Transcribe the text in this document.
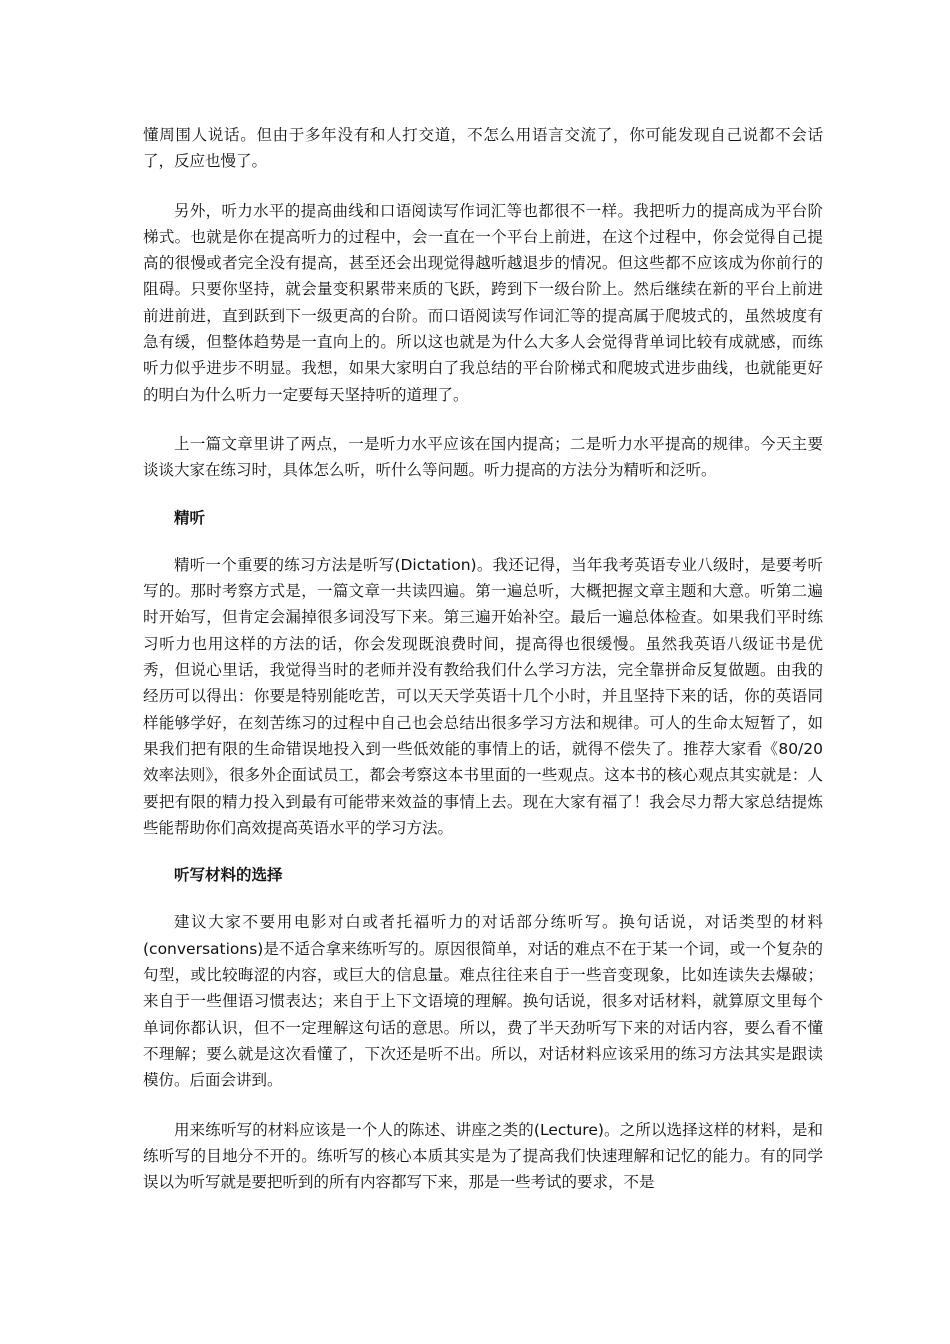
懂周围人说话。但由于多年没有和人打交道，不怎么用语言交流了，你可能发现自己说都不会话了，反应也慢了。

另外，听力水平的提高曲线和口语阅读写作词汇等也都很不一样。我把听力的提高成为平台阶梯式。也就是你在提高听力的过程中，会一直在一个平台上前进，在这个过程中，你会觉得自己提高的很慢或者完全没有提高，甚至还会出现觉得越听越退步的情况。但这些都不应该成为你前行的阻碍。只要你坚持，就会量变积累带来质的飞跃，跨到下一级台阶上。然后继续在新的平台上前进前进前进，直到跃到下一级更高的台阶。而口语阅读写作词汇等的提高属于爬坡式的，虽然坡度有急有缓，但整体趋势是一直向上的。所以这也就是为什么大多人会觉得背单词比较有成就感，而练听力似乎进步不明显。我想，如果大家明白了我总结的平台阶梯式和爬坡式进步曲线，也就能更好的明白为什么听力一定要每天坚持听的道理了。

上一篇文章里讲了两点，一是听力水平应该在国内提高；二是听力水平提高的规律。今天主要谈谈大家在练习时，具体怎么听，听什么等问题。听力提高的方法分为精听和泛听。

精听

精听一个重要的练习方法是听写(Dictation)。我还记得，当年我考英语专业八级时，是要考听写的。那时考察方式是，一篇文章一共读四遍。第一遍总听，大概把握文章主题和大意。听第二遍时开始写，但肯定会漏掉很多词没写下来。第三遍开始补空。最后一遍总体检查。如果我们平时练习听力也用这样的方法的话，你会发现既浪费时间，提高得也很缓慢。虽然我英语八级证书是优秀，但说心里话，我觉得当时的老师并没有教给我们什么学习方法，完全靠拼命反复做题。由我的经历可以得出：你要是特别能吃苦，可以天天学英语十几个小时，并且坚持下来的话，你的英语同样能够学好，在刻苦练习的过程中自己也会总结出很多学习方法和规律。可人的生命太短暂了，如果我们把有限的生命错误地投入到一些低效能的事情上的话，就得不偿失了。推荐大家看《80/20效率法则》，很多外企面试员工，都会考察这本书里面的一些观点。这本书的核心观点其实就是：人要把有限的精力投入到最有可能带来效益的事情上去。现在大家有福了！我会尽力帮大家总结提炼些能帮助你们高效提高英语水平的学习方法。

听写材料的选择

建议大家不要用电影对白或者托福听力的对话部分练听写。换句话说，对话类型的材料(conversations)是不适合拿来练听写的。原因很简单，对话的难点不在于某一个词，或一个复杂的句型，或比较晦涩的内容，或巨大的信息量。难点往往来自于一些音变现象，比如连读失去爆破；来自于一些俚语习惯表达；来自于上下文语境的理解。换句话说，很多对话材料，就算原文里每个单词你都认识，但不一定理解这句话的意思。所以，费了半天劲听写下来的对话内容，要么看不懂不理解；要么就是这次看懂了，下次还是听不出。所以，对话材料应该采用的练习方法其实是跟读模仿。后面会讲到。

用来练听写的材料应该是一个人的陈述、讲座之类的(Lecture)。之所以选择这样的材料，是和练听写的目地分不开的。练听写的核心本质其实是为了提高我们快速理解和记忆的能力。有的同学误以为听写就是要把听到的所有内容都写下来，那是一些考试的要求，不是
